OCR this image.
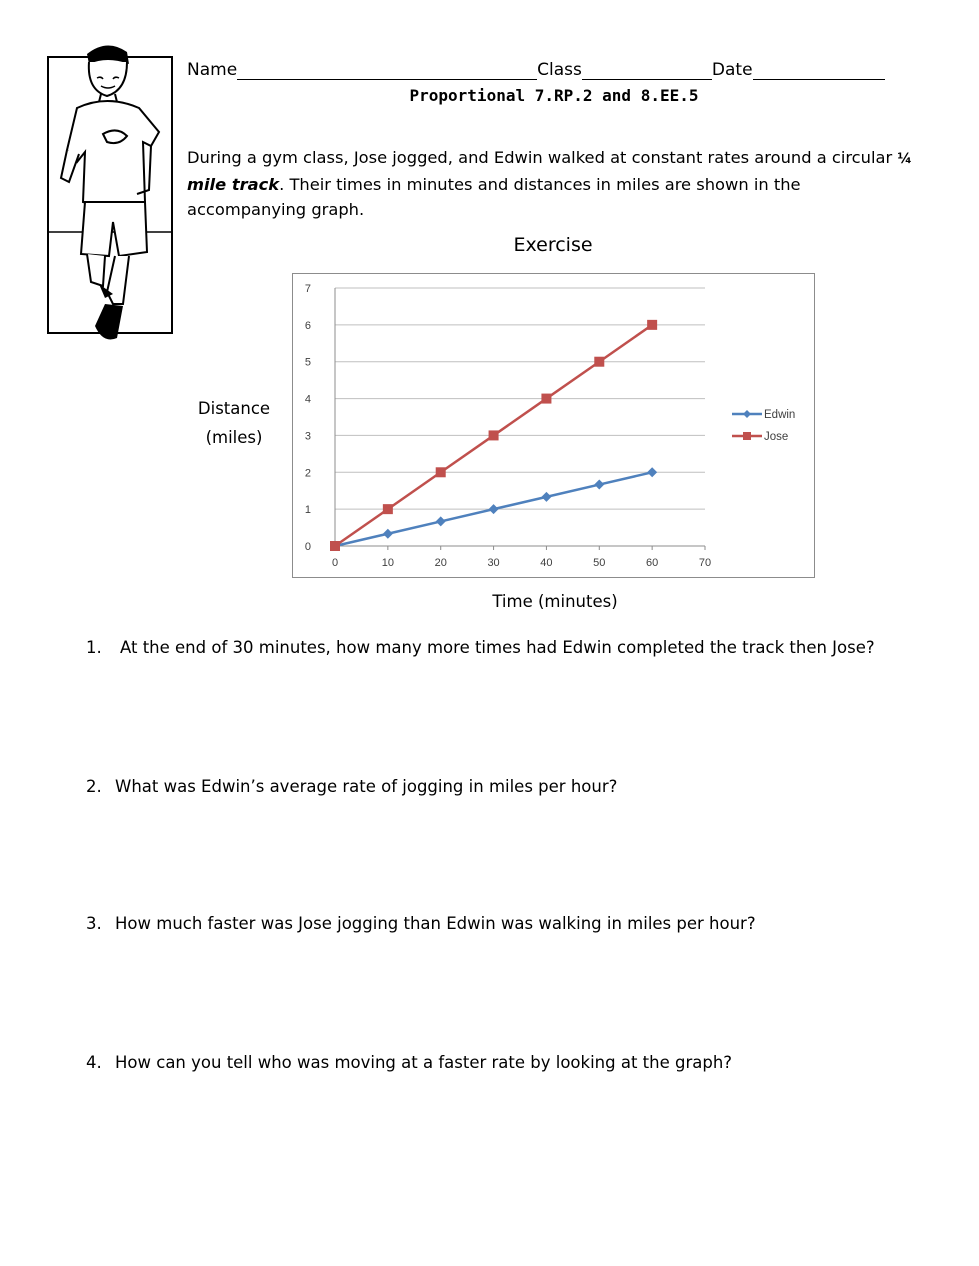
Name	Class	Date
Proportional 7.RP.2 and 8.EE.5
During a gym class, Jose jogged, and Edwin walked at constant rates around a circular ¼ mile track. Their times in minutes and distances in miles are shown in the accompanying graph.
Exercise
Distance
(miles)
Time (minutes)
0
1
2
3
4
5
6
7
0	10	20	30	40	50	60	70
Edwin
Jose
1. At the end of 30 minutes, how many more times had Edwin completed the track then Jose?
2. What was Edwin’s average rate of jogging in miles per hour?
3. How much faster was Jose jogging than Edwin was walking in miles per hour?
4. How can you tell who was moving at a faster rate by looking at the graph?
